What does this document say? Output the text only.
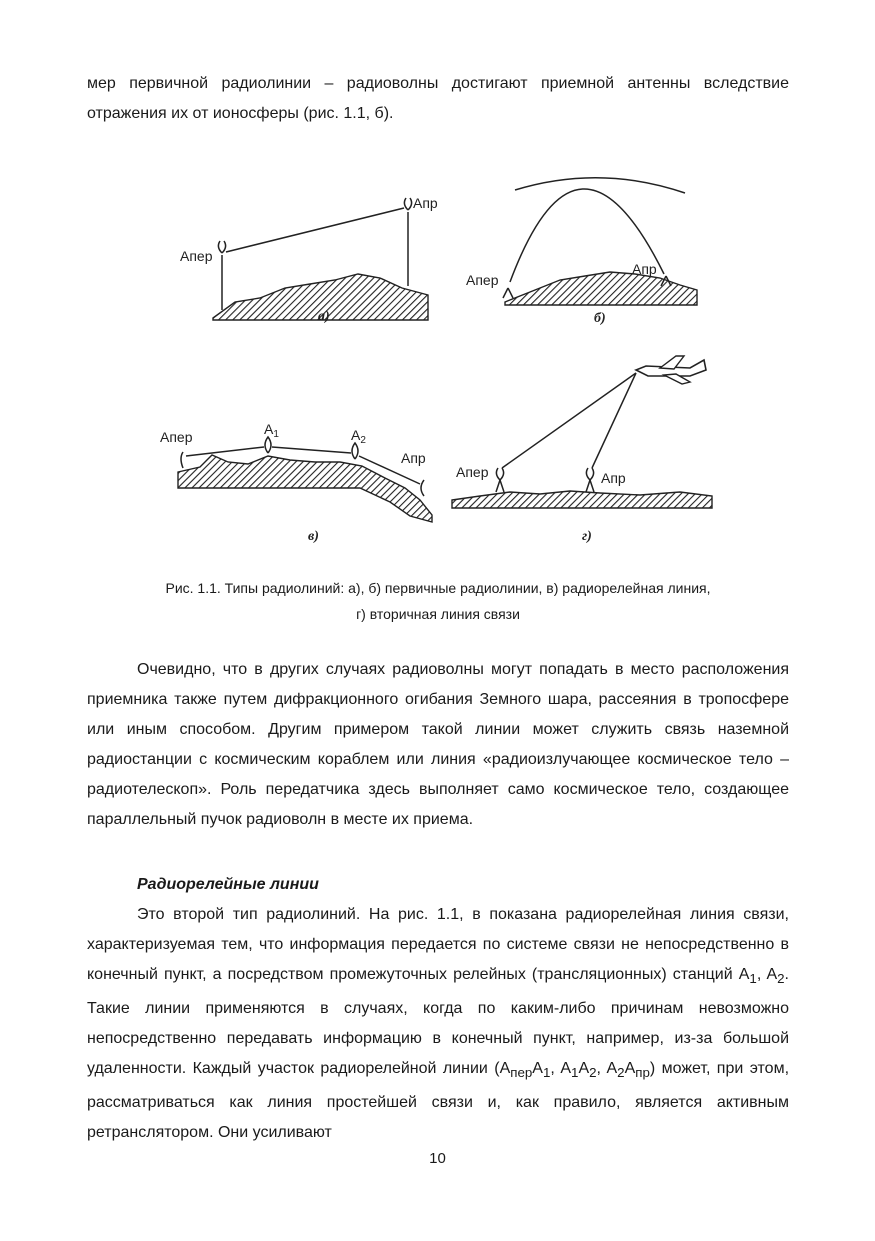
мер первичной радиолинии – радиоволны достигают приемной антенны вследствие отражения их от ионосферы (рис. 1.1, б).

Апер
Апр
а)
Апер
Апр
б)
Апер	$A_1$	$A_2$
Апр
в)
Апер	Апр
г)
Рис. 1.1. Типы радиолиний: а), б) первичные радиолинии, в) радиорелейная линия,
г) вторичная линия связи

Очевидно, что в других случаях радиоволны могут попадать в место расположения приемника также путем дифракционного огибания Земного шара, рассеяния в тропосфере или иным способом. Другим примером такой линии может служить связь наземной радиостанции с космическим кораблем или линия «радиоизлучающее космическое тело – радиотелескоп». Роль передатчика здесь выполняет само космическое тело, создающее параллельный пучок радиоволн в месте их приема.

Радиорелейные линии

Это второй тип радиолиний. На рис. 1.1, в показана радиорелейная линия связи, характеризуемая тем, что информация передается по системе связи не непосредственно в конечный пункт, а посредством промежуточных релейных (трансляционных) станций $A_1$, $A_2$. Такие линии применяются в случаях, когда по каким-либо причинам невозможно непосредственно передавать информацию в конечный пункт, например, из-за большой удаленности. Каждый участок радиорелейной линии ($A_{пер}A_1$, $A_1A_2$, $A_2A_{пр}$) может, при этом, рассматриваться как линия простейшей связи и, как правило, является активным ретранслятором. Они усиливают

10
